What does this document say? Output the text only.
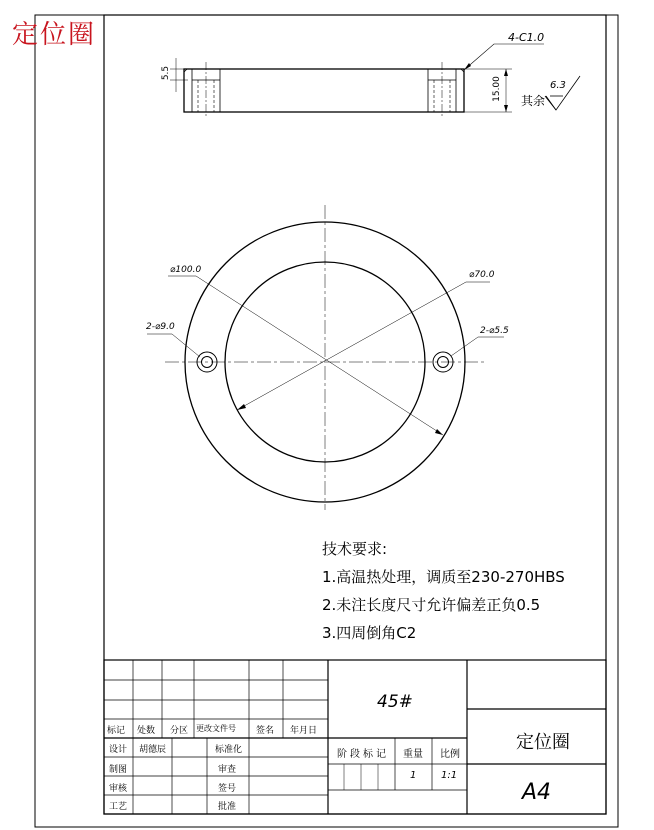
定位圈	4-C1.0
5.5
15.00 其余
6.3
⌀100.0	⌀70.0
2-⌀9.0	2-⌀5.5
技术要求:
1.高温热处理，调质至230-270HBS
2.未注长度尺寸允许偏差正负0.5
3.四周倒角C2
标记 处数 分区 更改文件号 签名 年月日
设计 胡德辰	标准化
制图	审查
审核	签号
工艺	批准
45#
阶段标记 重量 比例
1 1:1
定位圈
A4
